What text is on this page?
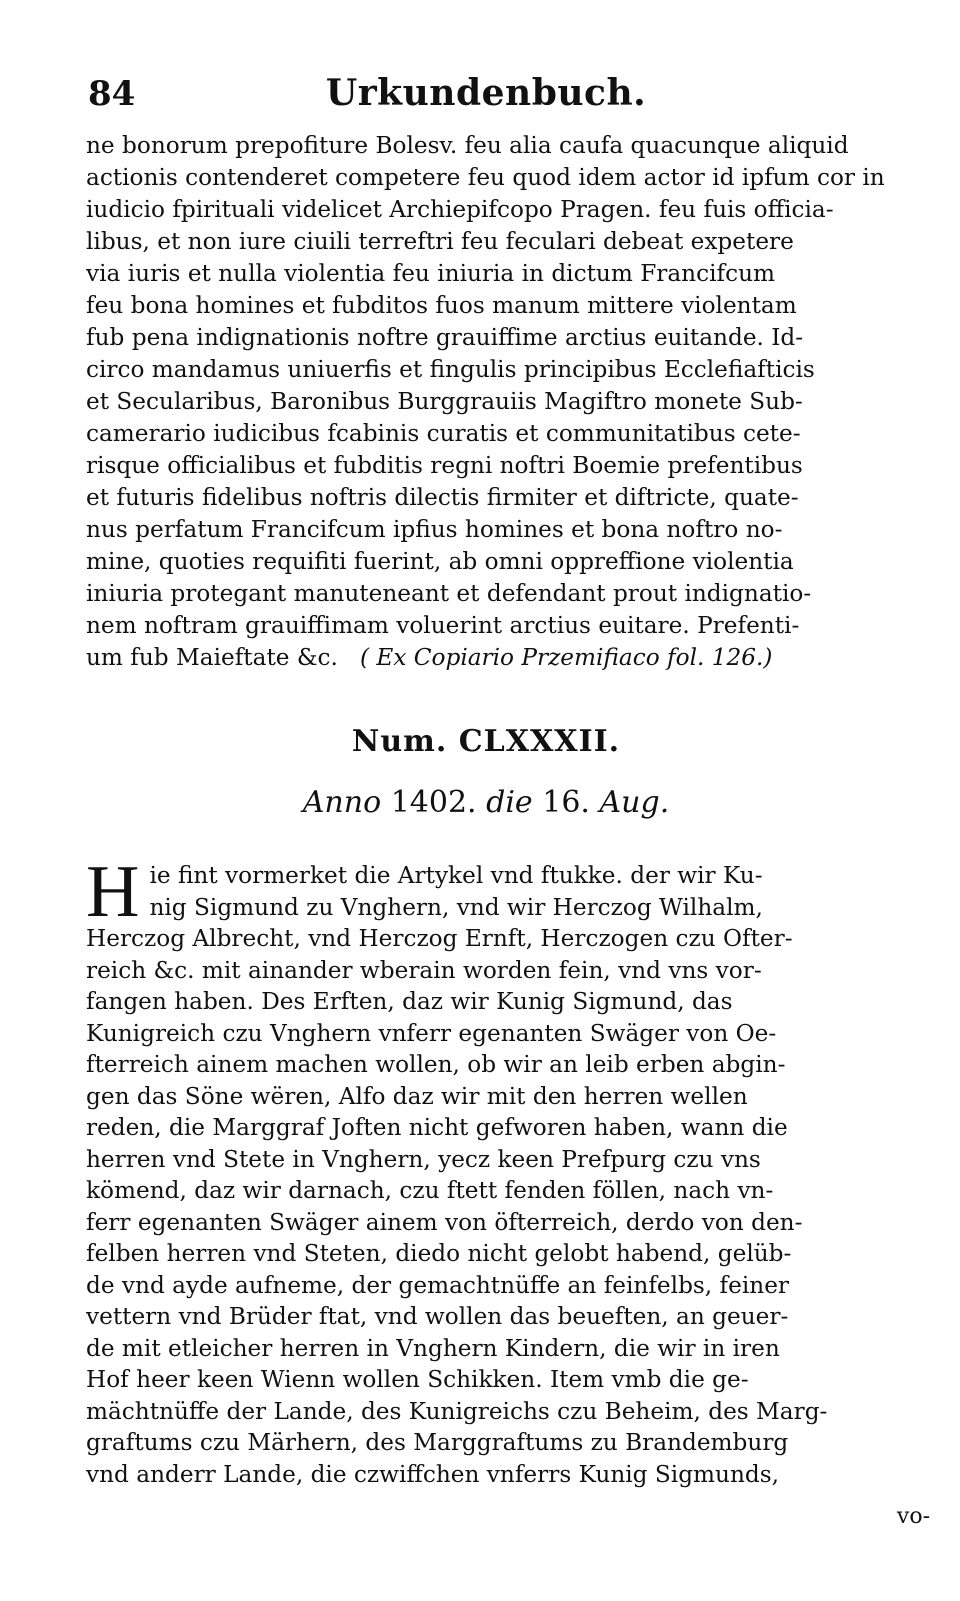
84	Urkundenbuch.
ne bonorum prepofiture Bolesv. feu alia caufa quacunque aliquid
actionis contenderet competere feu quod idem actor id ipfum cor in
iudicio fpirituali videlicet Archiepifcopo Pragen. feu fuis officia-
libus, et non iure ciuili terreftri feu feculari debeat expetere
via iuris et nulla violentia feu iniuria in dictum Francifcum
feu bona homines et fubditos fuos manum mittere violentam
fub pena indignationis noftre grauiffime arctius euitande. Id-
circo mandamus uniuerfis et fingulis principibus Ecclefiafticis
et Secularibus, Baronibus Burggrauiis Magiftro monete Sub-
camerario iudicibus fcabinis curatis et communitatibus cete-
risque officialibus et fubditis regni noftri Boemie prefentibus
et futuris fidelibus noftris dilectis firmiter et diftricte, quate-
nus perfatum Francifcum ipfius homines et bona noftro no-
mine, quoties requifiti fuerint, ab omni oppreffione violentia
iniuria protegant manuteneant et defendant prout indignatio-
nem noftram grauiffimam voluerint arctius euitare. Prefenti-
um fub Maieftate &c. ( Ex Copiario Przemifiaco fol. 126.)
Num. CLXXXII.
Anno 1402. die 16. Aug.
H ie fint vormerket die Artykel vnd ftukke. der wir Ku-
nig Sigmund zu Vnghern, vnd wir Herczog Wilhalm,
Herczog Albrecht, vnd Herczog Ernft, Herczogen czu Ofter-
reich &c. mit ainander wberain worden fein, vnd vns vor-
fangen haben. Des Erften, daz wir Kunig Sigmund, das
Kunigreich czu Vnghern vnferr egenanten Swäger von Oe-
fterreich ainem machen wollen, ob wir an leib erben abgin-
gen das Söne wëren, Alfo daz wir mit den herren wellen
reden, die Marggraf Joften nicht gefworen haben, wann die
herren vnd Stete in Vnghern, yecz keen Prefpurg czu vns
kömend, daz wir darnach, czu ftett fenden föllen, nach vn-
ferr egenanten Swäger ainem von öfterreich, derdo von den-
felben herren vnd Steten, diedo nicht gelobt habend, gelüb-
de vnd ayde aufneme, der gemachtnüffe an feinfelbs, feiner
vettern vnd Brüder ftat, vnd wollen das beueften, an geuer-
de mit etleicher herren in Vnghern Kindern, die wir in iren
Hof heer keen Wienn wollen Schikken. Item vmb die ge-
mächtnüffe der Lande, des Kunigreichs czu Beheim, des Marg-
graftums czu Märhern, des Marggraftums zu Brandemburg
vnd anderr Lande, die czwiffchen vnferrs Kunig Sigmunds,
vo-
